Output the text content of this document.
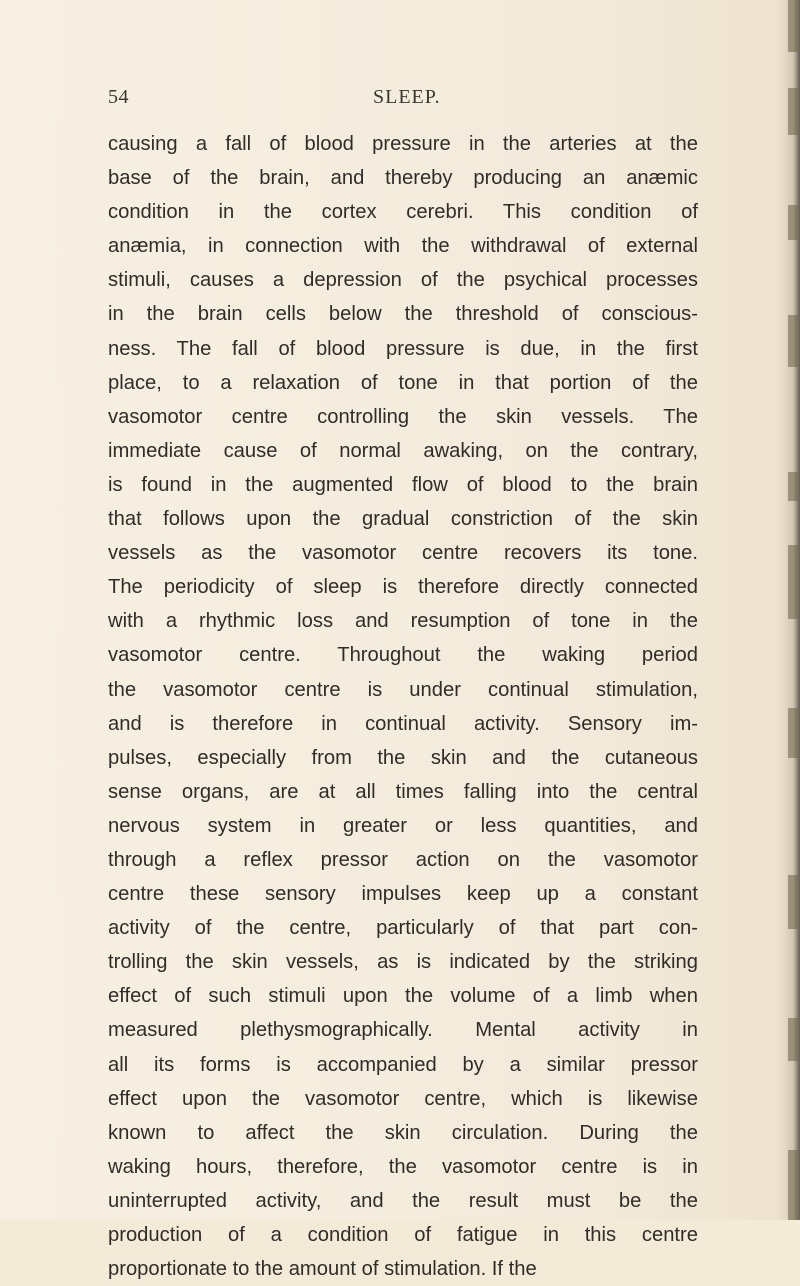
54	SLEEP.
causing a fall of blood pressure in the arteries at the
base of the brain, and thereby producing an anæmic
condition in the cortex cerebri. This condition of
anæmia, in connection with the withdrawal of external
stimuli, causes a depression of the psychical processes
in the brain cells below the threshold of conscious-
ness. The fall of blood pressure is due, in the first
place, to a relaxation of tone in that portion of the
vasomotor centre controlling the skin vessels. The
immediate cause of normal awaking, on the contrary,
is found in the augmented flow of blood to the brain
that follows upon the gradual constriction of the skin
vessels as the vasomotor centre recovers its tone.
The periodicity of sleep is therefore directly connected
with a rhythmic loss and resumption of tone in the
vasomotor centre. Throughout the waking period
the vasomotor centre is under continual stimulation,
and is therefore in continual activity. Sensory im-
pulses, especially from the skin and the cutaneous
sense organs, are at all times falling into the central
nervous system in greater or less quantities, and
through a reflex pressor action on the vasomotor
centre these sensory impulses keep up a constant
activity of the centre, particularly of that part con-
trolling the skin vessels, as is indicated by the striking
effect of such stimuli upon the volume of a limb when
measured plethysmographically. Mental activity in
all its forms is accompanied by a similar pressor
effect upon the vasomotor centre, which is likewise
known to affect the skin circulation. During the
waking hours, therefore, the vasomotor centre is in
uninterrupted activity, and the result must be the
production of a condition of fatigue in this centre
proportionate to the amount of stimulation. If the
